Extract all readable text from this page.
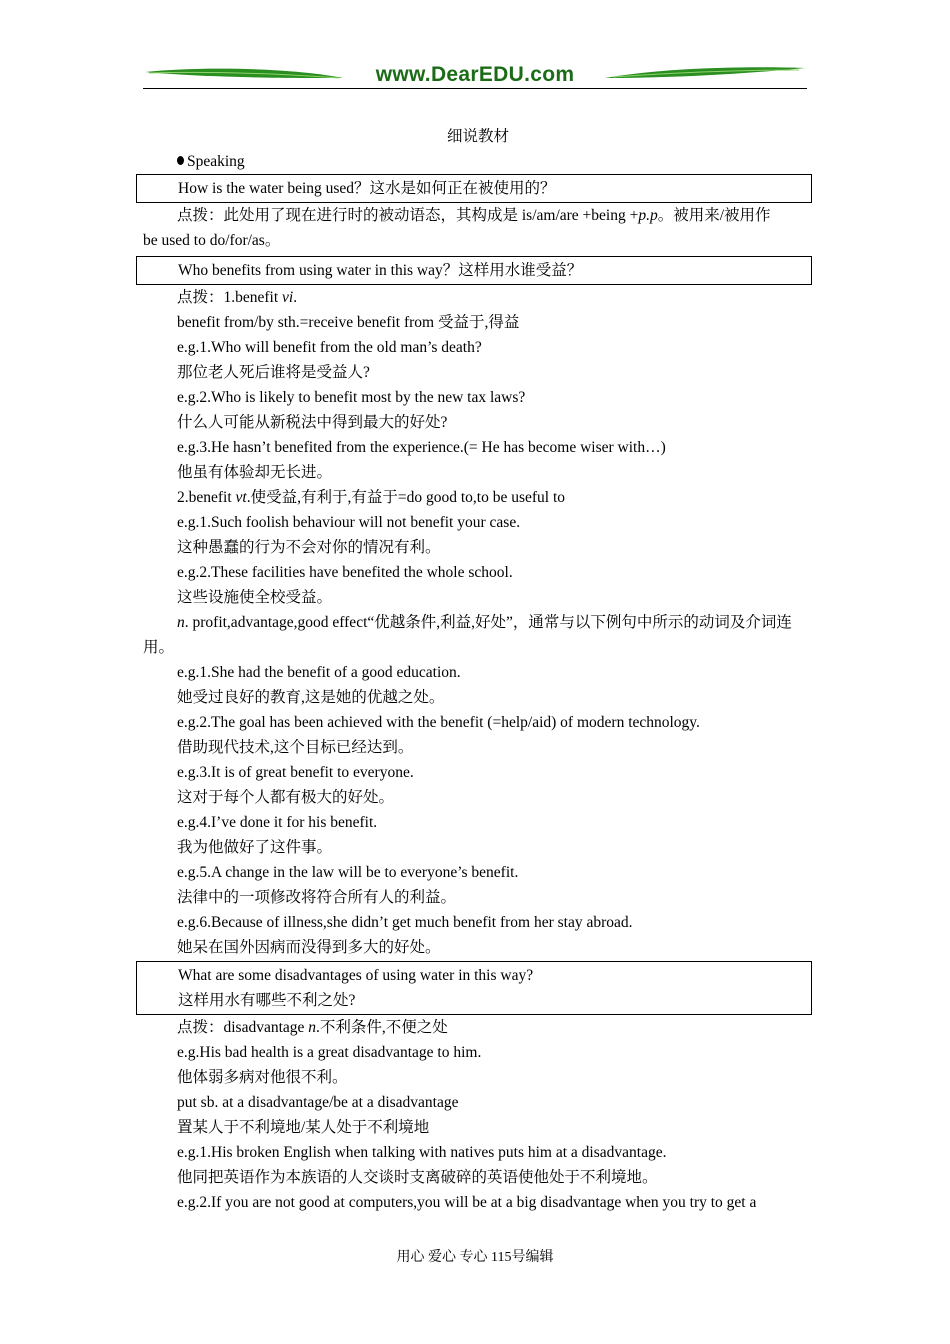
www.DearEDU.com
细说教材
Speaking
How is the water being used？这水是如何正在被使用的？
点拨：此处用了现在进行时的被动语态，其构成是 is/am/are +being +p.p。被用来/被用作
be used to do/for/as。
Who benefits from using water in this way？这样用水谁受益？
点拨：1.benefit vi.
benefit from/by sth.=receive benefit from 受益于,得益
e.g.1.Who will benefit from the old man’s death?
那位老人死后谁将是受益人?
e.g.2.Who is likely to benefit most by the new tax laws?
什么人可能从新税法中得到最大的好处?
e.g.3.He hasn’t benefited from the experience.(= He has become wiser with…)
他虽有体验却无长进。
2.benefit vt.使受益,有利于,有益于=do good to,to be useful to
e.g.1.Such foolish behaviour will not benefit your case.
这种愚蠢的行为不会对你的情况有利。
e.g.2.These facilities have benefited the whole school.
这些设施使全校受益。
n. profit,advantage,good effect“优越条件,利益,好处”，通常与以下例句中所示的动词及介词连用。
e.g.1.She had the benefit of a good education.
她受过良好的教育,这是她的优越之处。
e.g.2.The goal has been achieved with the benefit (=help/aid) of modern technology.
借助现代技术,这个目标已经达到。
e.g.3.It is of great benefit to everyone.
这对于每个人都有极大的好处。
e.g.4.I’ve done it for his benefit.
我为他做好了这件事。
e.g.5.A change in the law will be to everyone’s benefit.
法律中的一项修改将符合所有人的利益。
e.g.6.Because of illness,she didn’t get much benefit from her stay abroad.
她呆在国外因病而没得到多大的好处。
What are some disadvantages of using water in this way?
这样用水有哪些不利之处?
点拨：disadvantage n.不利条件,不便之处
e.g.His bad health is a great disadvantage to him.
他体弱多病对他很不利。
put sb. at a disadvantage/be at a disadvantage
置某人于不利境地/某人处于不利境地
e.g.1.His broken English when talking with natives puts him at a disadvantage.
他同把英语作为本族语的人交谈时支离破碎的英语使他处于不利境地。
e.g.2.If you are not good at computers,you will be at a big disadvantage when you try to get a
用心 爱心 专心 115号编辑
